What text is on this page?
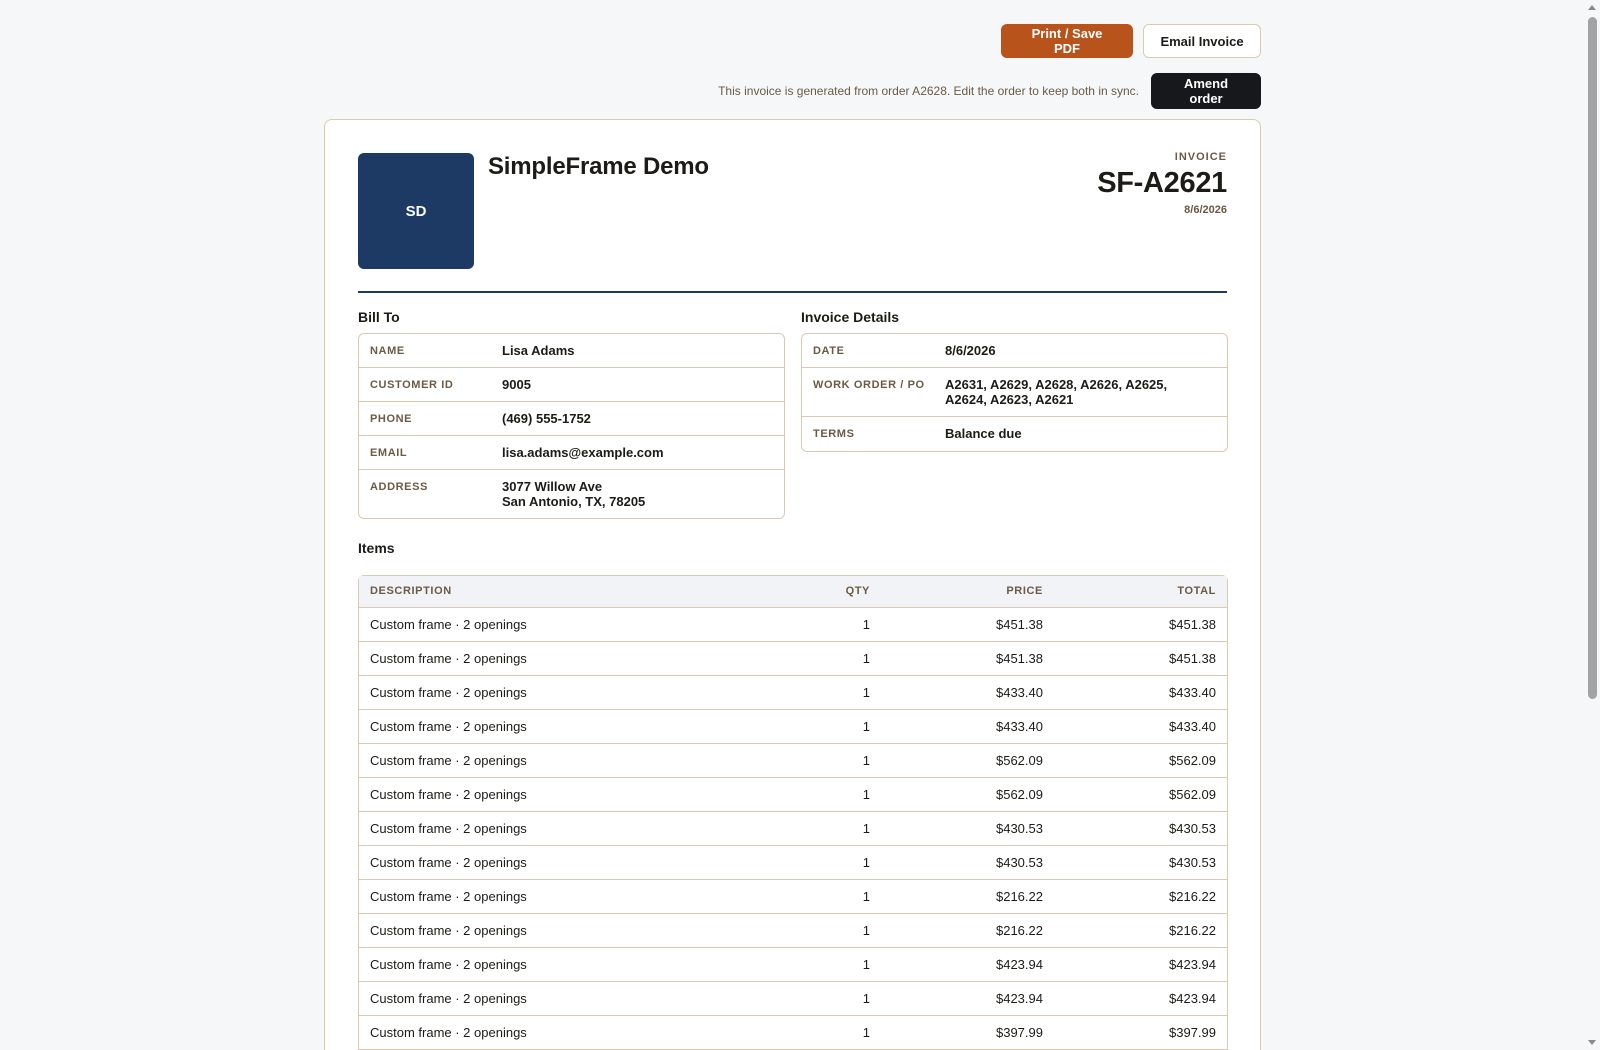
Print / Save PDF	Email Invoice
This invoice is generated from order A2628. Edit the order to keep both in sync.	Amend order
SD
SimpleFrame Demo	INVOICE
SF-A2621
8/6/2026
Bill To
NAME	Lisa Adams
CUSTOMER ID	9005
PHONE	(469) 555-1752
EMAIL	lisa.adams@example.com
ADDRESS	3077 Willow Ave
San Antonio, TX, 78205
Invoice Details
DATE	8/6/2026
WORK ORDER / PO	A2631, A2629, A2628, A2626, A2625,
A2624, A2623, A2621
TERMS	Balance due
Items
DESCRIPTION	QTY	PRICE	TOTAL
Custom frame · 2 openings	1	$451.38	$451.38
Custom frame · 2 openings	1	$451.38	$451.38
Custom frame · 2 openings	1	$433.40	$433.40
Custom frame · 2 openings	1	$433.40	$433.40
Custom frame · 2 openings	1	$562.09	$562.09
Custom frame · 2 openings	1	$562.09	$562.09
Custom frame · 2 openings	1	$430.53	$430.53
Custom frame · 2 openings	1	$430.53	$430.53
Custom frame · 2 openings	1	$216.22	$216.22
Custom frame · 2 openings	1	$216.22	$216.22
Custom frame · 2 openings	1	$423.94	$423.94
Custom frame · 2 openings	1	$423.94	$423.94
Custom frame · 2 openings	1	$397.99	$397.99
